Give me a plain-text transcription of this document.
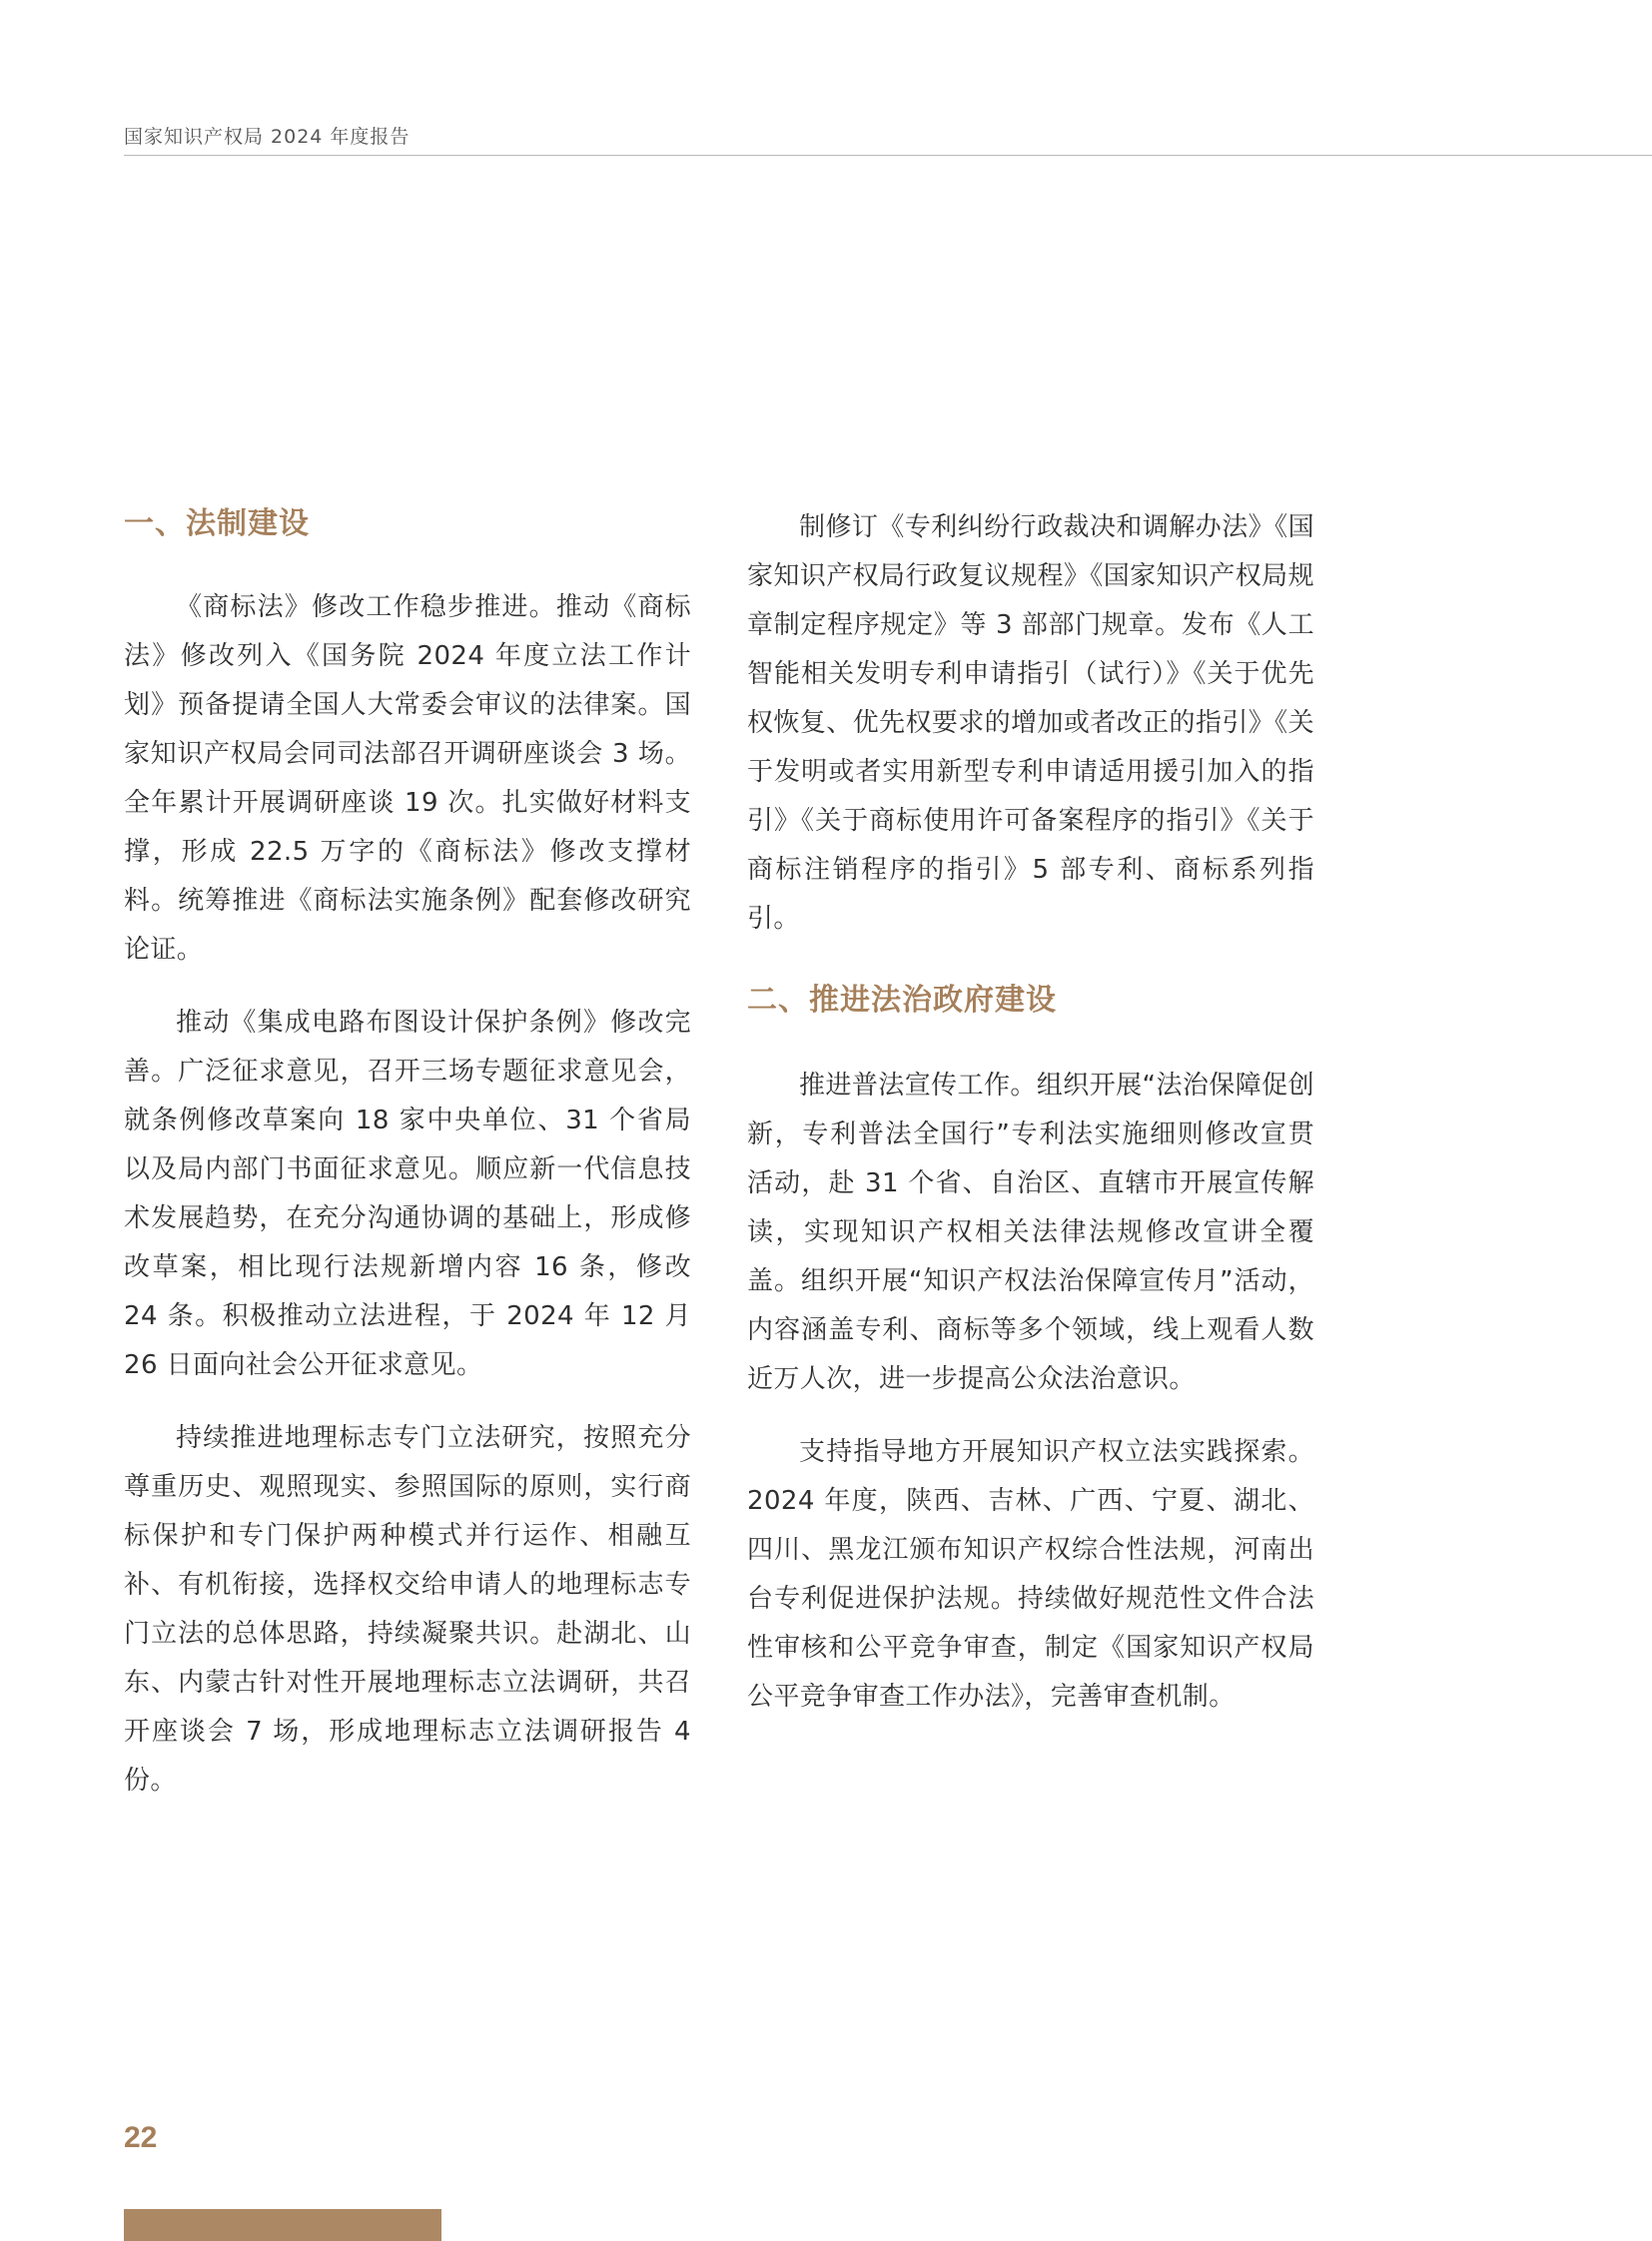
国家知识产权局 2024 年度报告
一、法制建设

《商标法》修改工作稳步推进。推动《商标法》修改列入《国务院 2024 年度立法工作计划》预备提请全国人大常委会审议的法律案。国家知识产权局会同司法部召开调研座谈会 3 场。全年累计开展调研座谈 19 次。扎实做好材料支撑，形成 22.5 万字的《商标法》修改支撑材料。统筹推进《商标法实施条例》配套修改研究论证。

推动《集成电路布图设计保护条例》修改完善。广泛征求意见，召开三场专题征求意见会，就条例修改草案向 18 家中央单位、31 个省局以及局内部门书面征求意见。顺应新一代信息技术发展趋势，在充分沟通协调的基础上，形成修改草案，相比现行法规新增内容 16 条，修改 24 条。积极推动立法进程，于 2024 年 12 月 26 日面向社会公开征求意见。

持续推进地理标志专门立法研究，按照充分尊重历史、观照现实、参照国际的原则，实行商标保护和专门保护两种模式并行运作、相融互补、有机衔接，选择权交给申请人的地理标志专门立法的总体思路，持续凝聚共识。赴湖北、山东、内蒙古针对性开展地理标志立法调研，共召开座谈会 7 场，形成地理标志立法调研报告 4 份。

制修订《专利纠纷行政裁决和调解办法》《国家知识产权局行政复议规程》《国家知识产权局规章制定程序规定》等 3 部部门规章。发布《人工智能相关发明专利申请指引（试行）》《关于优先权恢复、优先权要求的增加或者改正的指引》《关于发明或者实用新型专利申请适用援引加入的指引》《关于商标使用许可备案程序的指引》《关于商标注销程序的指引》5 部专利、商标系列指引。

二、推进法治政府建设

推进普法宣传工作。组织开展“法治保障促创新，专利普法全国行”专利法实施细则修改宣贯活动，赴 31 个省、自治区、直辖市开展宣传解读，实现知识产权相关法律法规修改宣讲全覆盖。组织开展“知识产权法治保障宣传月”活动，内容涵盖专利、商标等多个领域，线上观看人数近万人次，进一步提高公众法治意识。

支持指导地方开展知识产权立法实践探索。2024 年度，陕西、吉林、广西、宁夏、湖北、四川、黑龙江颁布知识产权综合性法规，河南出台专利促进保护法规。持续做好规范性文件合法性审核和公平竞争审查，制定《国家知识产权局公平竞争审查工作办法》，完善审查机制。

22
